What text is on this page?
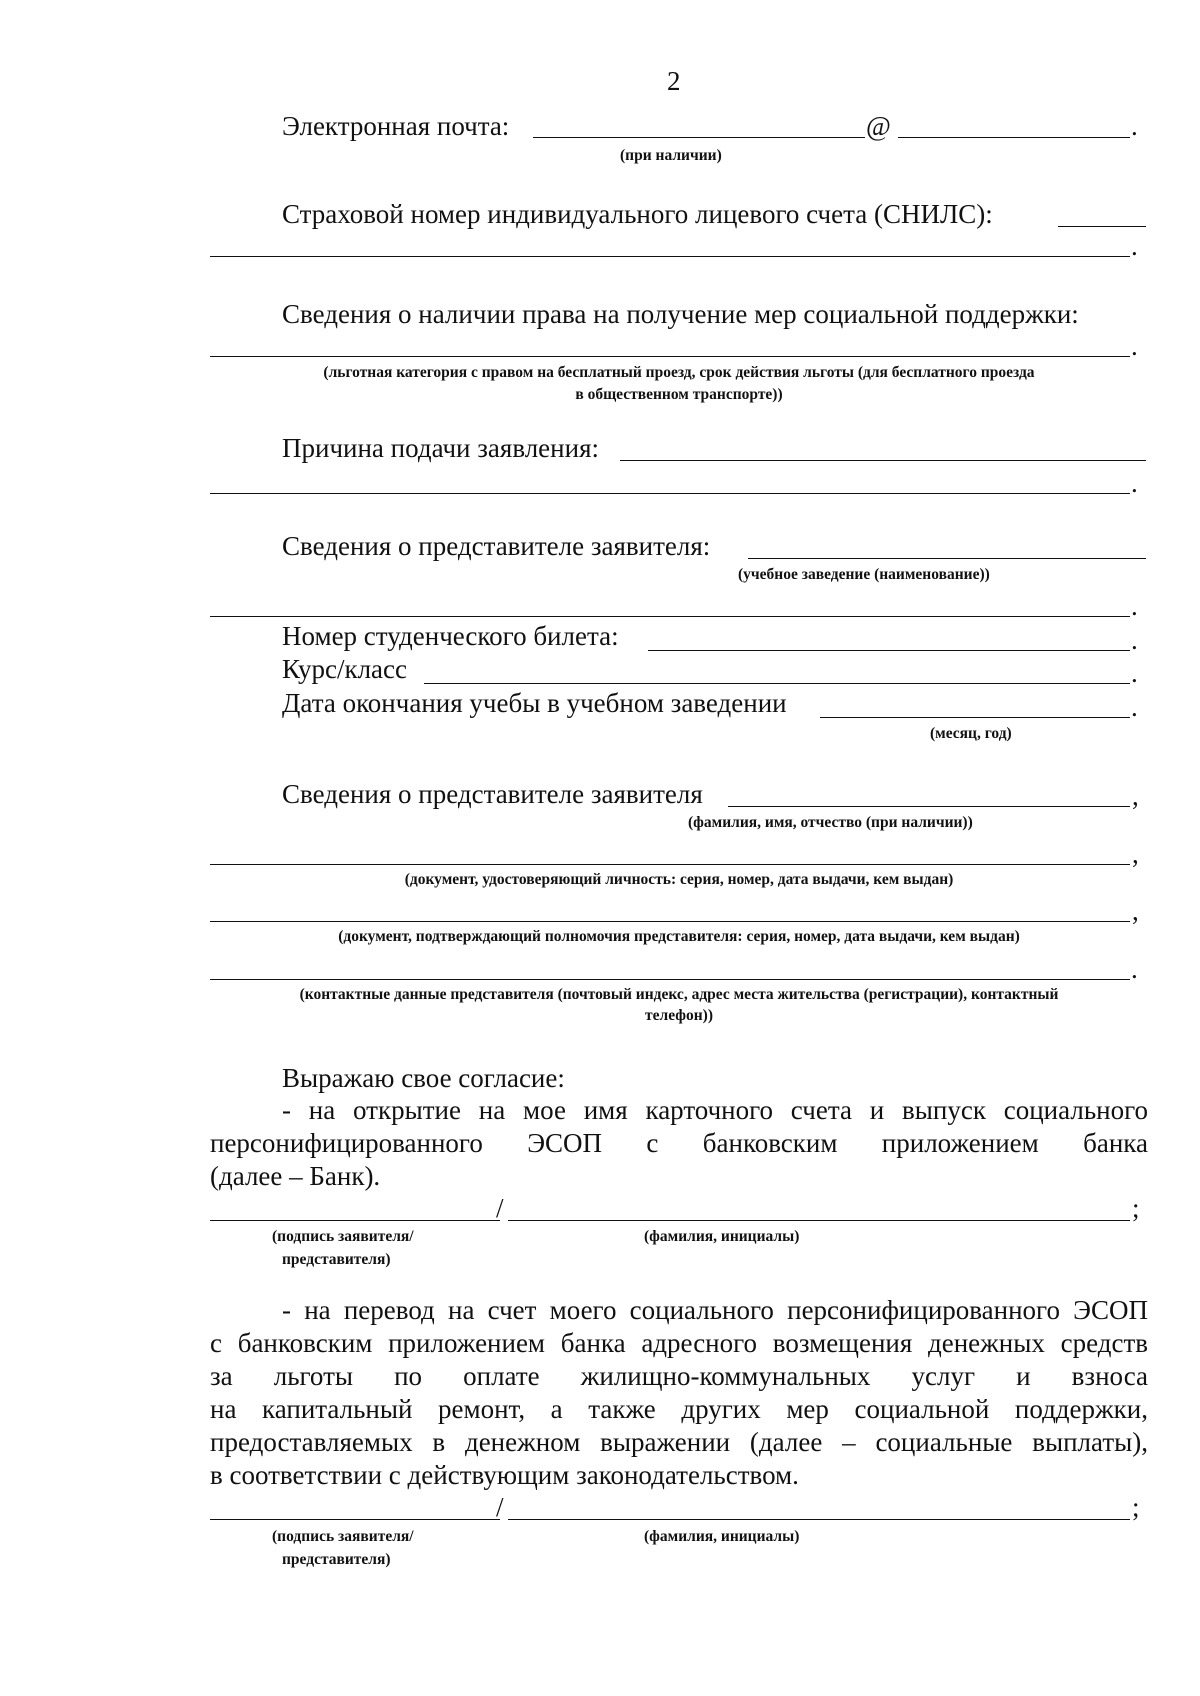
2
Электронная почта:	@	.
(при наличии)
Страховой номер индивидуального лицевого счета (СНИЛС):
.
Сведения о наличии права на получение мер социальной поддержки:
.
(льготная категория с правом на бесплатный проезд, срок действия льготы (для бесплатного проезда
в общественном транспорте))
Причина подачи заявления:
.
Сведения о представителе заявителя:
(учебное заведение (наименование))
.
Номер студенческого билета:	.
Курс/класс	.
Дата окончания учебы в учебном заведении	.
(месяц, год)
Сведения о представителе заявителя	,
(фамилия, имя, отчество (при наличии))
,
(документ, удостоверяющий личность: серия, номер, дата выдачи, кем выдан)
,
(документ, подтверждающий полномочия представителя: серия, номер, дата выдачи, кем выдан)
.
(контактные данные представителя (почтовый индекс, адрес места жительства (регистрации), контактный
телефон))
Выражаю свое согласие:
- на открытие на мое имя карточного счета и выпуск социального
персонифицированного ЭСОП с банковским приложением банка
(далее – Банк).
/	;
(подпись заявителя/
представителя)
(фамилия, инициалы)
- на перевод на счет моего социального персонифицированного ЭСОП
с банковским приложением банка адресного возмещения денежных средств
за льготы по оплате жилищно-коммунальных услуг и взноса
на капитальный ремонт, а также других мер социальной поддержки,
предоставляемых в денежном выражении (далее – социальные выплаты),
в соответствии с действующим законодательством.
/	;
(подпись заявителя/
представителя)
(фамилия, инициалы)
